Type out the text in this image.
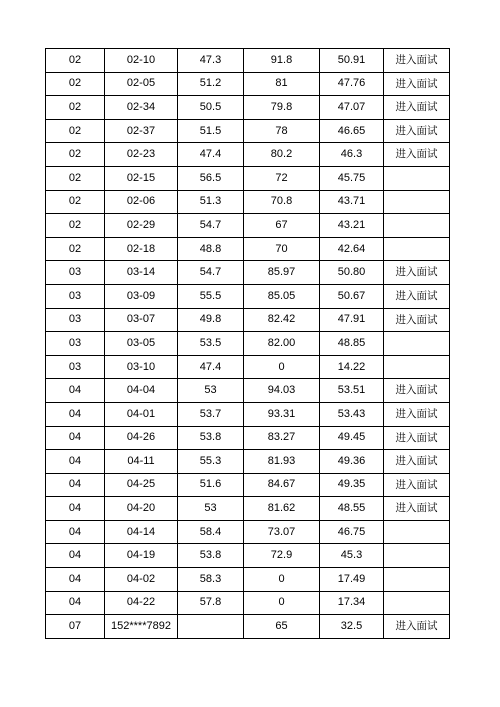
02	02-10	47.3	91.8	50.91	进入面试
02	02-05	51.2	81	47.76	进入面试
02	02-34	50.5	79.8	47.07	进入面试
02	02-37	51.5	78	46.65	进入面试
02	02-23	47.4	80.2	46.3	进入面试
02	02-15	56.5	72	45.75	
02	02-06	51.3	70.8	43.71	
02	02-29	54.7	67	43.21	
02	02-18	48.8	70	42.64	
03	03-14	54.7	85.97	50.80	进入面试
03	03-09	55.5	85.05	50.67	进入面试
03	03-07	49.8	82.42	47.91	进入面试
03	03-05	53.5	82.00	48.85	
03	03-10	47.4	0	14.22	
04	04-04	53	94.03	53.51	进入面试
04	04-01	53.7	93.31	53.43	进入面试
04	04-26	53.8	83.27	49.45	进入面试
04	04-11	55.3	81.93	49.36	进入面试
04	04-25	51.6	84.67	49.35	进入面试
04	04-20	53	81.62	48.55	进入面试
04	04-14	58.4	73.07	46.75	
04	04-19	53.8	72.9	45.3	
04	04-02	58.3	0	17.49	
04	04-22	57.8	0	17.34	
07	152****7892		65	32.5	进入面试
